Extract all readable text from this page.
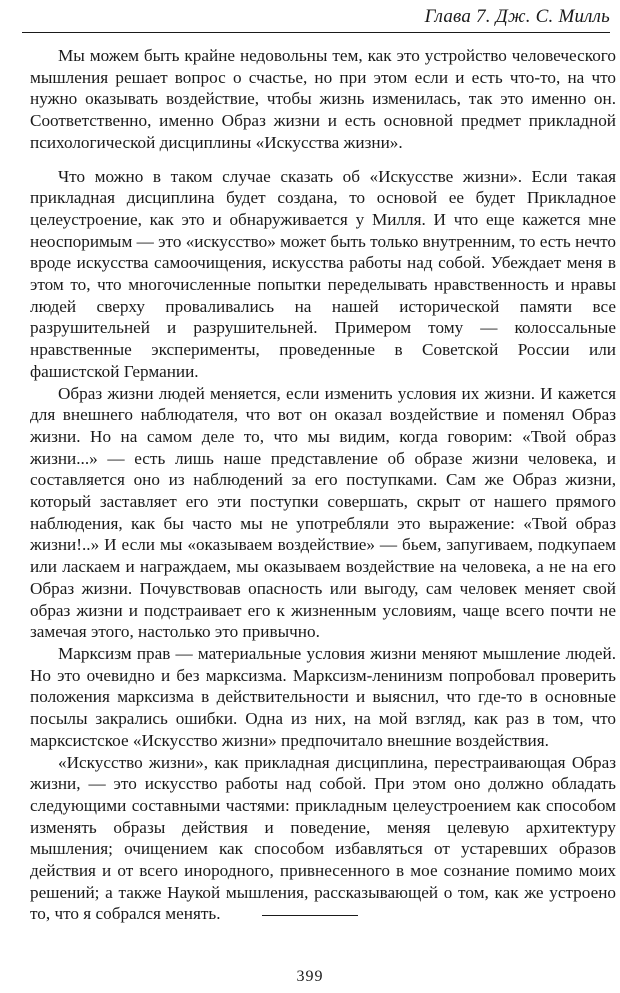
Глава 7. Дж. С. Милль

Мы можем быть крайне недовольны тем, как это устройство человеческого мышления решает вопрос о счастье, но при этом если и есть что-то, на что нужно оказывать воздействие, чтобы жизнь изменилась, так это именно он. Соответственно, именно Образ жизни и есть основной предмет прикладной психологической дисциплины «Искусства жизни».

Что можно в таком случае сказать об «Искусстве жизни». Если такая прикладная дисциплина будет создана, то основой ее будет Прикладное целеустроение, как это и обнаруживается у Милля. И что еще кажется мне неоспоримым — это «искусство» может быть только внутренним, то есть нечто вроде искусства самоочищения, искусства работы над собой. Убеждает меня в этом то, что многочисленные попытки переделывать нравственность и нравы людей сверху проваливались на нашей исторической памяти все разрушительней и разрушительней. Примером тому — колоссальные нравственные эксперименты, проведенные в Советской России или фашистской Германии.

Образ жизни людей меняется, если изменить условия их жизни. И кажется для внешнего наблюдателя, что вот он оказал воздействие и поменял Образ жизни. Но на самом деле то, что мы видим, когда говорим: «Твой образ жизни...» — есть лишь наше представление об образе жизни человека, и составляется оно из наблюдений за его поступками. Сам же Образ жизни, который заставляет его эти поступки совершать, скрыт от нашего прямого наблюдения, как бы часто мы не употребляли это выражение: «Твой образ жизни!..» И если мы «оказываем воздействие» — бьем, запугиваем, подкупаем или ласкаем и награждаем, мы оказываем воздействие на человека, а не на его Образ жизни. Почувствовав опасность или выгоду, сам человек меняет свой образ жизни и подстраивает его к жизненным условиям, чаще всего почти не замечая этого, настолько это привычно.

Марксизм прав — материальные условия жизни меняют мышление людей. Но это очевидно и без марксизма. Марксизм-ленинизм попробовал проверить положения марксизма в действительности и выяснил, что где-то в основные посылы закрались ошибки. Одна из них, на мой взгляд, как раз в том, что марксистское «Искусство жизни» предпочитало внешние воздействия.

«Искусство жизни», как прикладная дисциплина, перестраивающая Образ жизни, — это искусство работы над собой. При этом оно должно обладать следующими составными частями: прикладным целеустроением как способом изменять образы действия и поведение, меняя целевую архитектуру мышления; очищением как способом избавляться от устаревших образов действия и от всего инородного, привнесенного в мое сознание помимо моих решений; а также Наукой мышления, рассказывающей о том, как же устроено то, что я собрался менять.

399
